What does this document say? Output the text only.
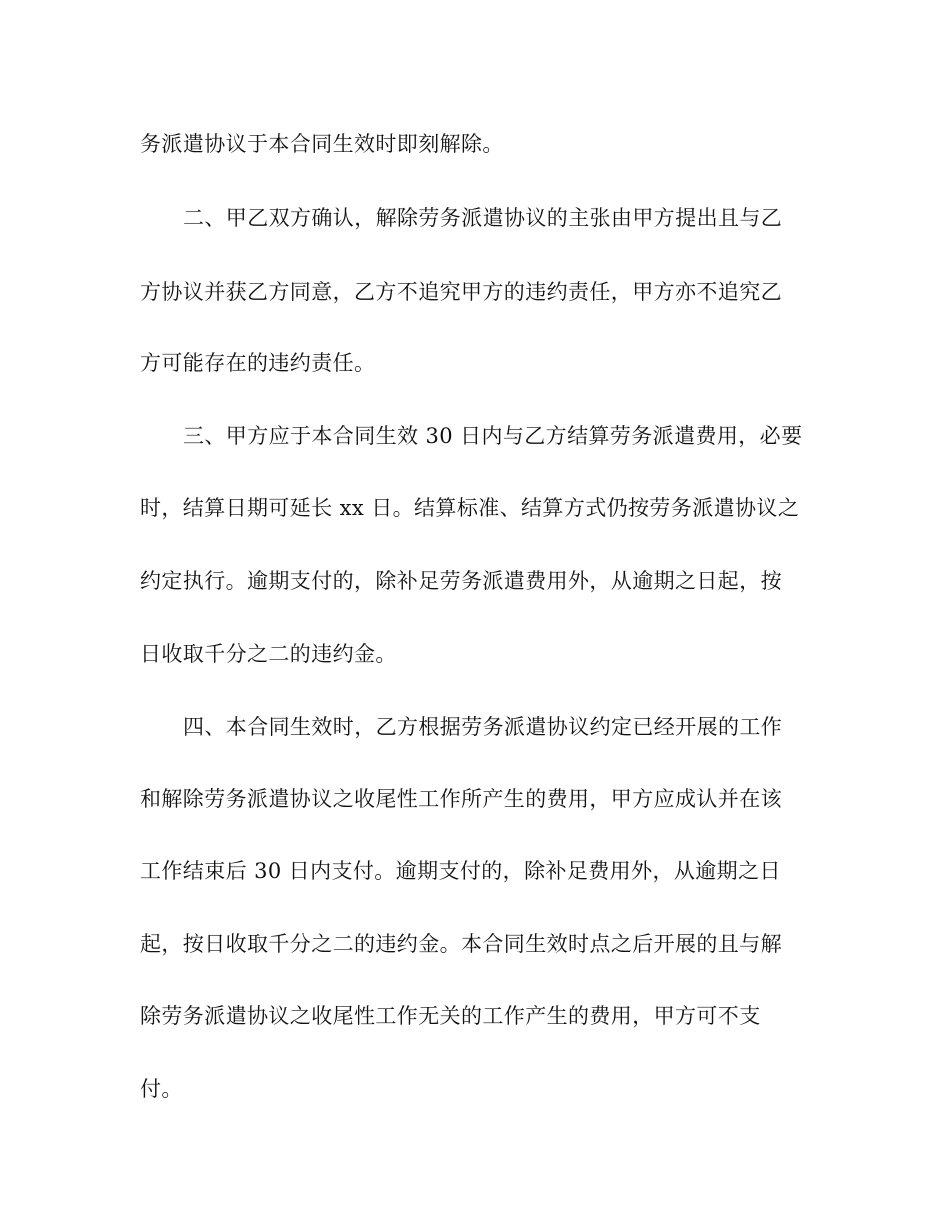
务派遣协议于本合同生效时即刻解除。

二、甲乙双方确认，解除劳务派遣协议的主张由甲方提出且与乙

方协议并获乙方同意，乙方不追究甲方的违约责任，甲方亦不追究乙

方可能存在的违约责任。

三、甲方应于本合同生效 30 日内与乙方结算劳务派遣费用，必要

时，结算日期可延长 xx 日。结算标准、结算方式仍按劳务派遣协议之

约定执行。逾期支付的，除补足劳务派遣费用外，从逾期之日起，按

日收取千分之二的违约金。

四、本合同生效时，乙方根据劳务派遣协议约定已经开展的工作

和解除劳务派遣协议之收尾性工作所产生的费用，甲方应成认并在该

工作结束后 30 日内支付。逾期支付的，除补足费用外，从逾期之日

起，按日收取千分之二的违约金。本合同生效时点之后开展的且与解

除劳务派遣协议之收尾性工作无关的工作产生的费用，甲方可不支

付。
